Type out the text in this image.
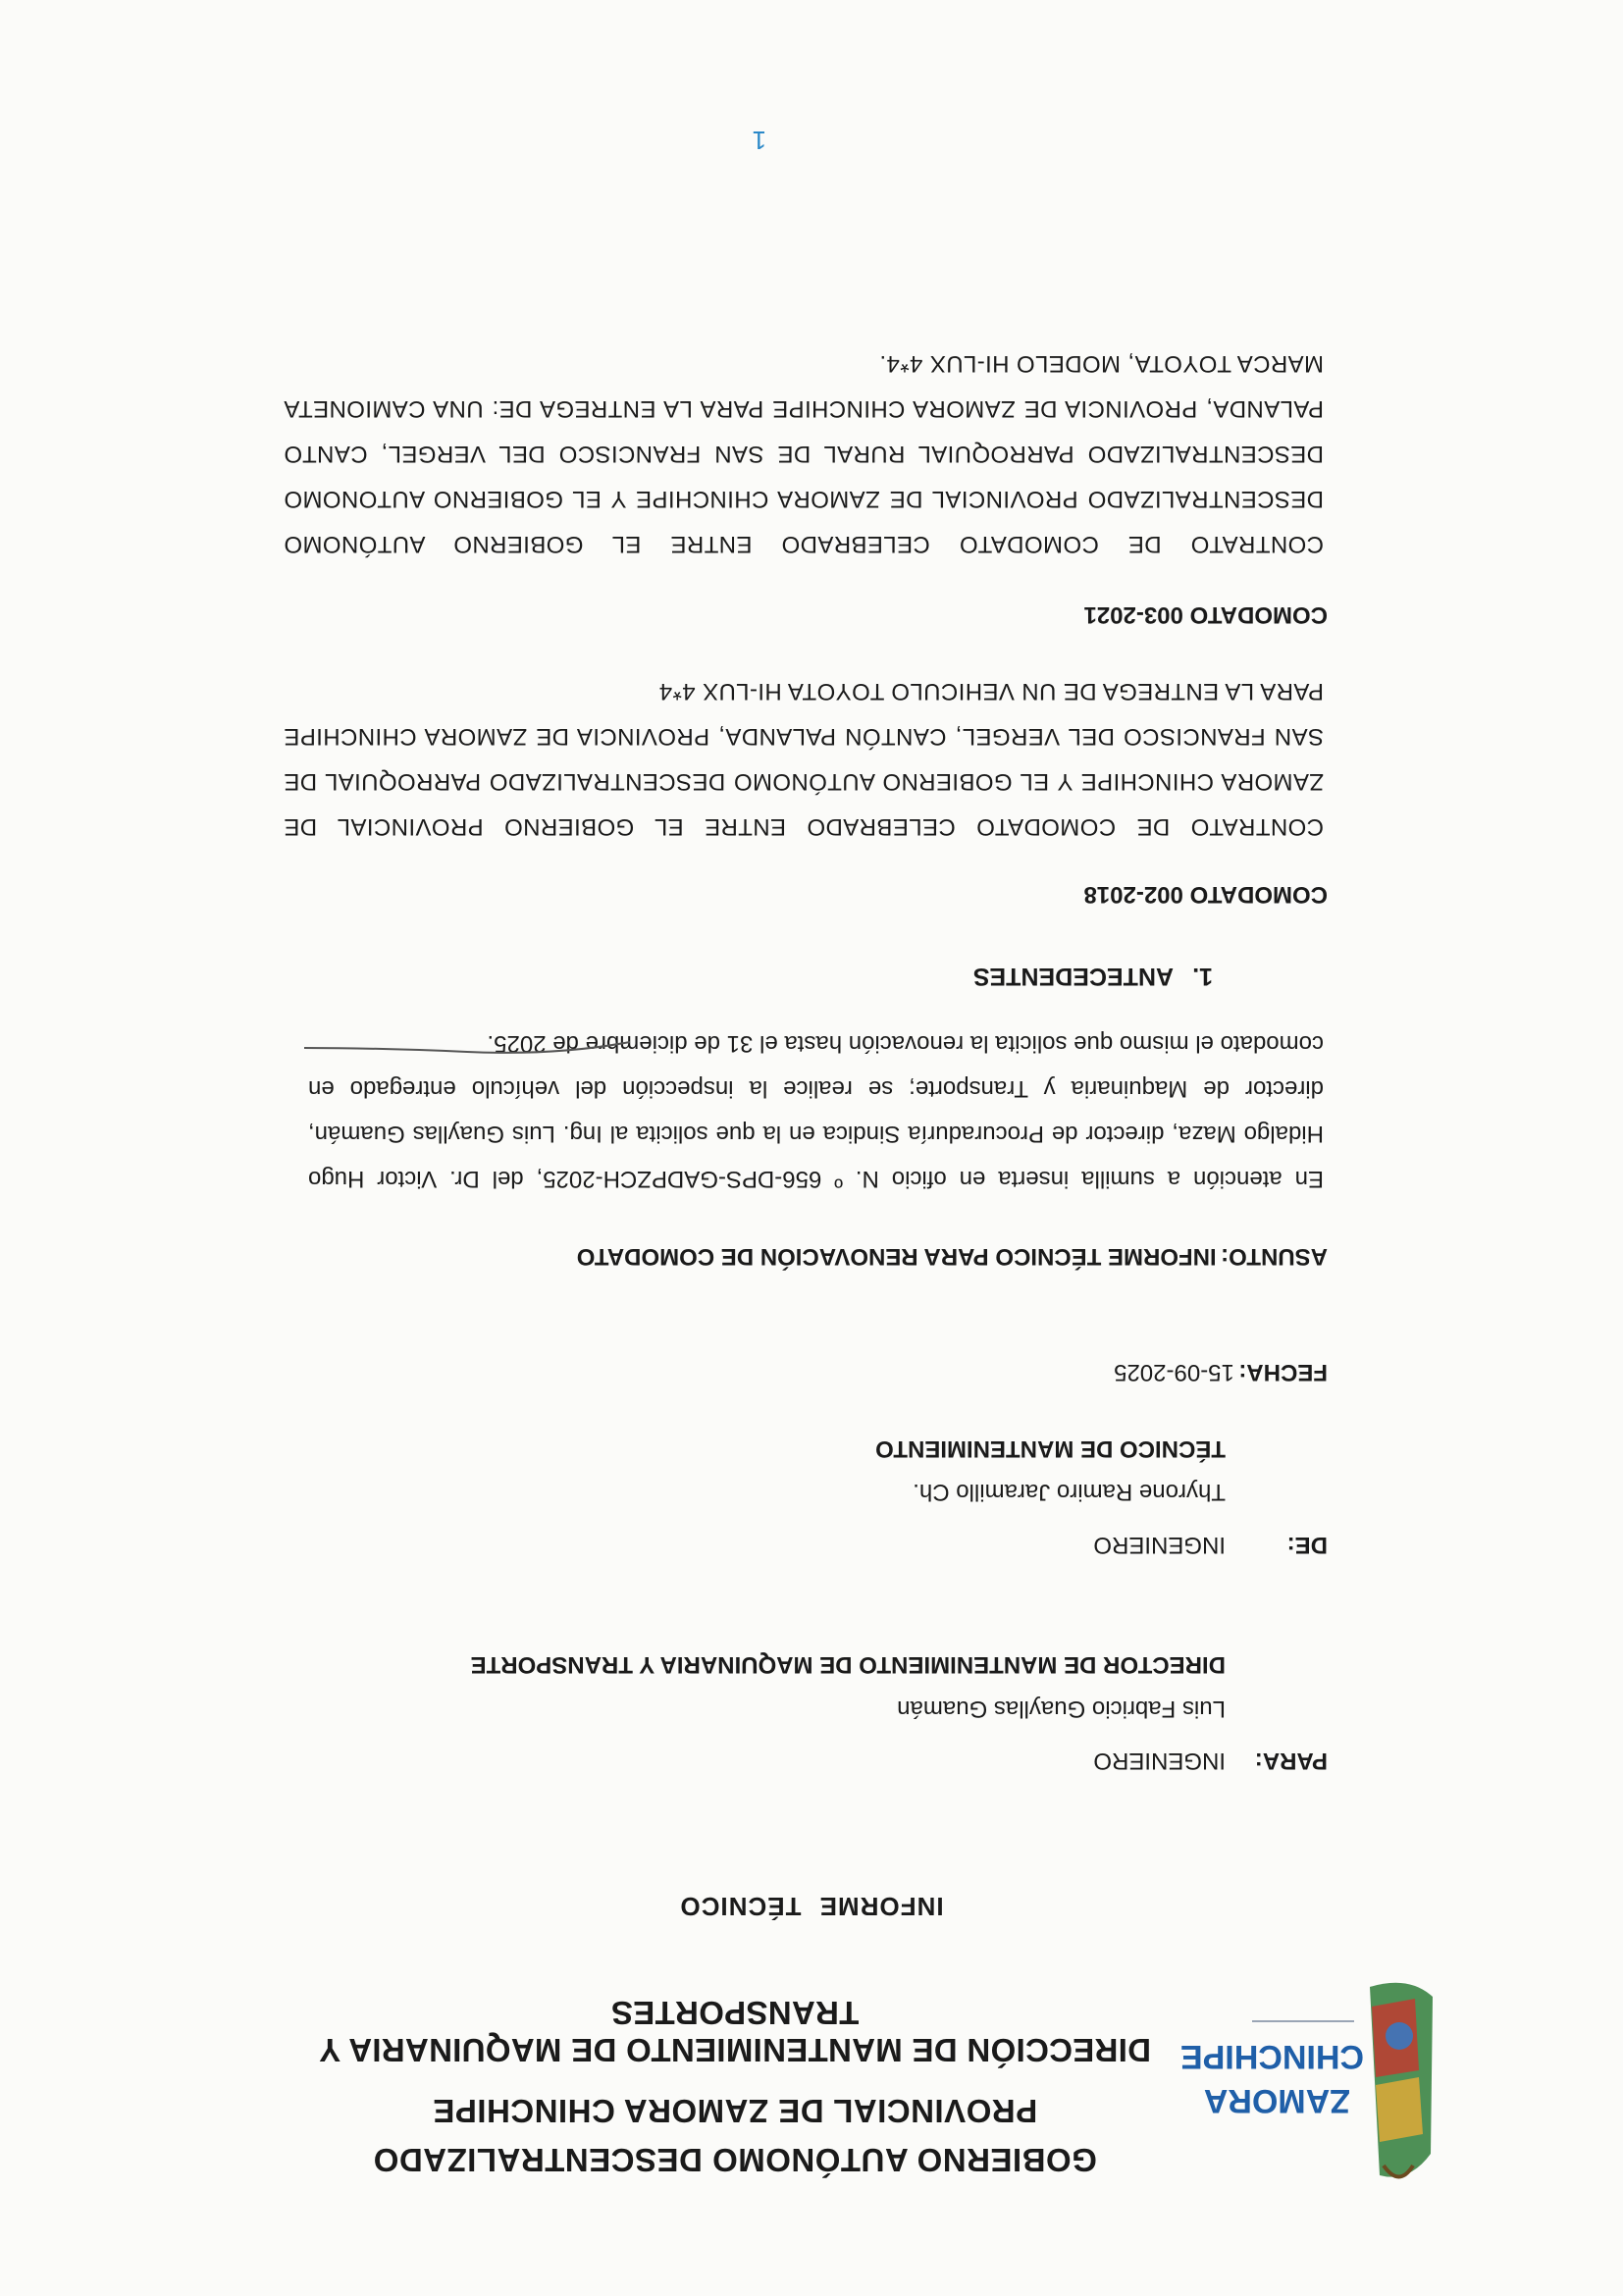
ZAMORA
CHINCHIPE
GOBIERNO AUTÓNOMO DESCENTRALIZADO
PROVINCIAL DE ZAMORA CHINCHIPE
DIRECCIÓN DE MANTENIMIENTO DE MAQUINARIA Y TRANSPORTES
INFORME TÉCNICO
PARA:INGENIERO
Luis Fabricio Guayllas Guamán
DIRECTOR DE MANTENIMIENTO DE MAQUINARIA Y TRANSPORTE
DE:INGENIERO
Thyrone Ramiro Jaramillo Ch.
TÉCNICO DE MANTENIMIENTO
FECHA: 15-09-2025
ASUNTO: INFORME TÉCNICO PARA RENOVACIÓN DE COMODATO
En atención a sumilla inserta en oficio N. º 656-DPS-GADPZCH-2025, del Dr. Victor Hugo Hidalgo Maza, director de Procuraduría Sindica en la que solicita al Ing. Luis Guayllas Guamán, director de Maquinaria y Transporte; se realice la inspección del vehículo entregado en comodato el mismo que solicita la renovación hasta el 31 de diciembre de 2025.
1.ANTECEDENTES
COMODATO 002-2018
CONTRATO DE COMODATO CELEBRADO ENTRE EL GOBIERNO PROVINCIAL DE ZAMORA CHINCHIPE Y EL GOBIERNO AUTÓNOMO DESCENTRALIZADO PARROQUIAL DE SAN FRANCISCO DEL VERGEL, CANTÓN PALANDA, PROVINCIA DE ZAMORA CHINCHIPE PARA LA ENTREGA DE UN VEHICULO TOYOTA HI-LUX 4*4
COMODATO 003-2021
CONTRATO DE COMODATO CELEBRADO ENTRE EL GOBIERNO AUTÓNOMO DESCENTRALIZADO PROVINCIAL DE ZAMORA CHINCHIPE Y EL GOBIERNO AUTONOMO DESCENTRALIZADO PARROQUIAL RURAL DE SAN FRANCISCO DEL VERGEL, CANTO PALANDA, PROVINCIA DE ZAMORA CHINCHIPE PARA LA ENTREGA DE: UNA CAMIONETA MARCA TOYOTA, MODELO HI-LUX 4*4.
1
